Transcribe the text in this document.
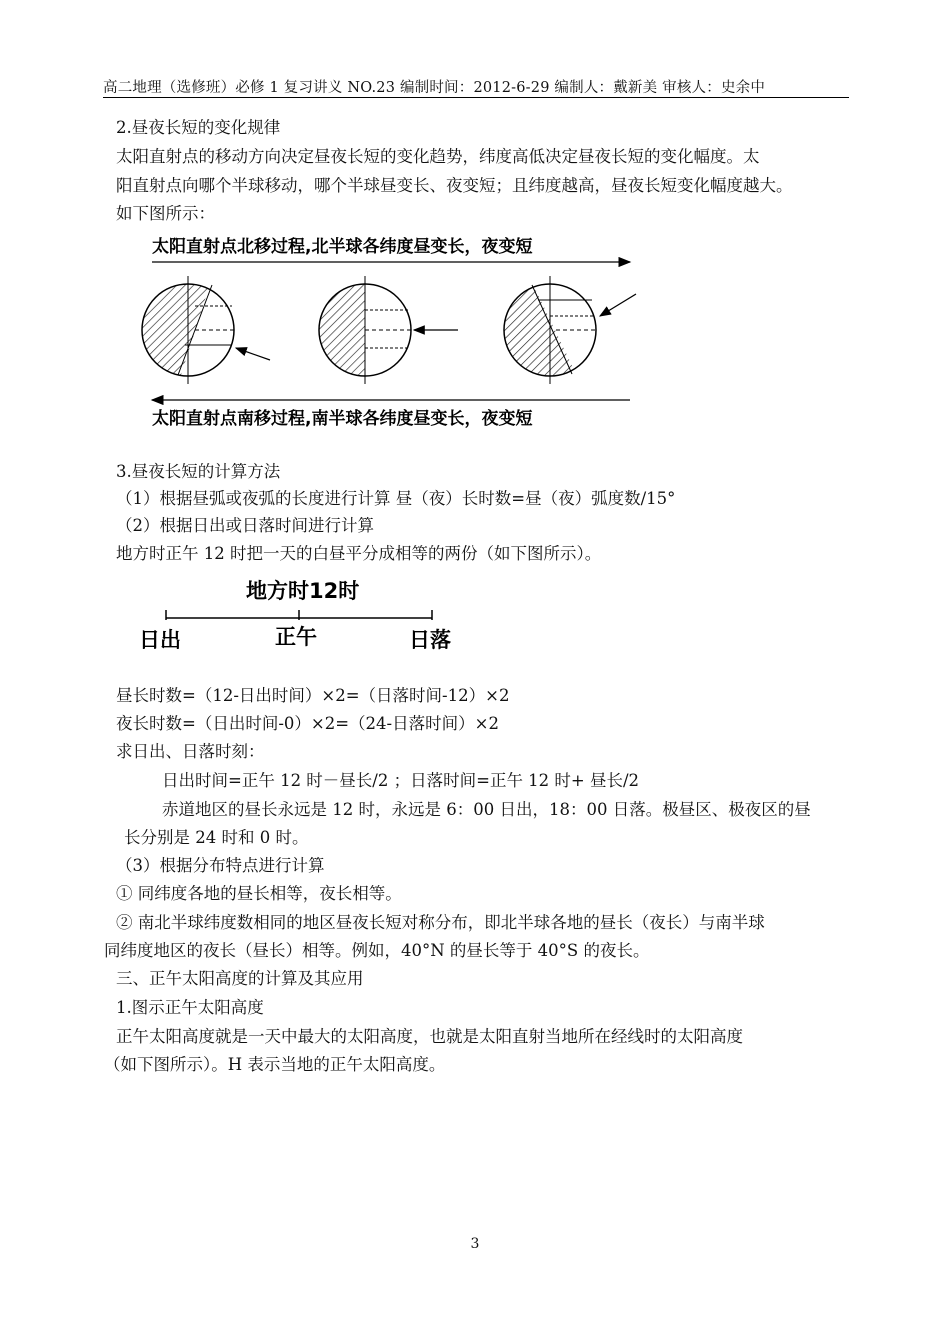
高二地理（选修班）必修 1 复习讲义 NO.23 编制时间：2012-6-29 编制人：戴新美 审核人：史余中
2.昼夜长短的变化规律
太阳直射点的移动方向决定昼夜长短的变化趋势，纬度高低决定昼夜长短的变化幅度。太
阳直射点向哪个半球移动，哪个半球昼变长、夜变短；且纬度越高，昼夜长短变化幅度越大。
如下图所示：
太阳直射点北移过程,北半球各纬度昼变长，夜变短
太阳直射点南移过程,南半球各纬度昼变长，夜变短
3.昼夜长短的计算方法
（1）根据昼弧或夜弧的长度进行计算 昼（夜）长时数=昼（夜）弧度数/15°
（2）根据日出或日落时间进行计算
地方时正午 12 时把一天的白昼平分成相等的两份（如下图所示）。
地方时12时
日出	正午	日落
昼长时数=（12-日出时间）×2=（日落时间-12）×2
夜长时数=（日出时间-0）×2=（24-日落时间）×2
求日出、日落时刻：
日出时间=正午 12 时－昼长/2 ；日落时间=正午 12 时+ 昼长/2
赤道地区的昼长永远是 12 时，永远是 6：00 日出，18：00 日落。极昼区、极夜区的昼
长分别是 24 时和 0 时。
（3）根据分布特点进行计算
① 同纬度各地的昼长相等，夜长相等。
② 南北半球纬度数相同的地区昼夜长短对称分布，即北半球各地的昼长（夜长）与南半球
同纬度地区的夜长（昼长）相等。例如，40°N 的昼长等于 40°S 的夜长。
三、正午太阳高度的计算及其应用
1.图示正午太阳高度
正午太阳高度就是一天中最大的太阳高度，也就是太阳直射当地所在经线时的太阳高度
（如下图所示）。H 表示当地的正午太阳高度。
3
